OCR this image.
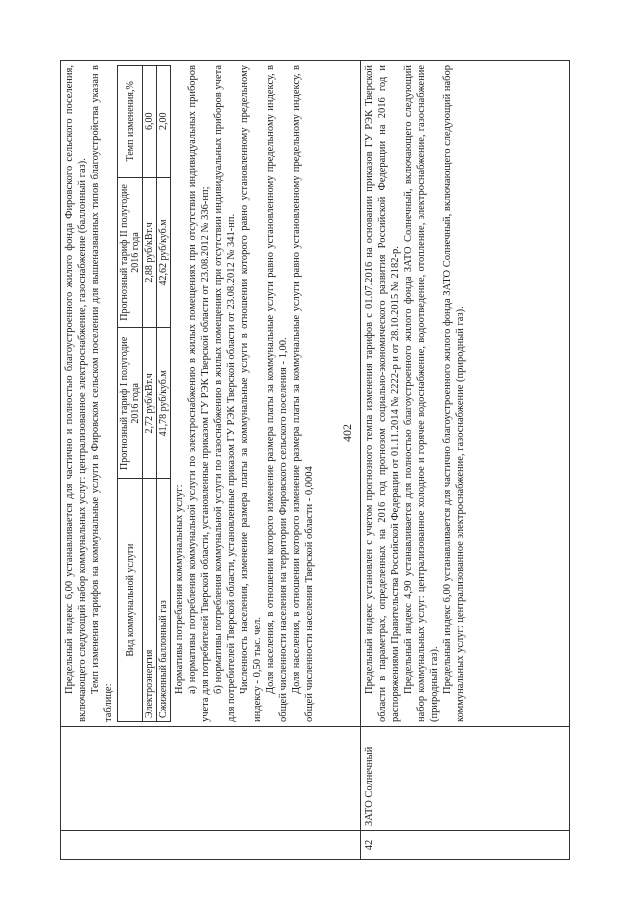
402

Предельный индекс 6,00 устанавливается для частично и полностью благоустроенного жилого фонда Фировского сельского поселения, включающего следующий набор коммунальных услуг: централизованное электроснабжение, газоснабжение (баллонный газ). Темп изменения тарифов на коммунальные услуги в Фировском сельском поселении для вышеназванных типов благоустройства указан в таблице:

Вид коммунальной услуги	Прогнозный тариф I полугодие 2016 года	Прогнозный тариф II полугодие 2016 года	Темп изменения,%
Электроэнергия	2,72 руб/кВт.ч	2,88 руб/кВт.ч	6,00
Сжиженный баллонный газ	41,78 руб/куб.м	42,62 руб/куб.м	2,00

Нормативы потребления коммунальных услуг: а) нормативы потребления коммунальной услуги по электроснабжению в жилых помещениях при отсутствии индивидуальных приборов учета для потребителей Тверской области, установленные приказом ГУ РЭК Тверской области от 23.08.2012 № 336-нп; б) нормативы потребления коммунальной услуги по газоснабжению в жилых помещениях при отсутствии индивидуальных приборов учета для потребителей Тверской области, установленные приказом ГУ РЭК Тверской области от 23.08.2012 № 341-нп. Численность населения, изменение размера платы за коммунальные услуги в отношении которого равно установленному предельному индексу - 0,50 тыс. чел. Доля населения, в отношении которого изменение размера платы за коммунальные услуги равно установленному предельному индексу, в общей численности населения на территории Фировского сельского поселения - 1,00. Доля населения, в отношении которого изменение размера платы за коммунальные услуги равно установленному предельному индексу, в общей численности населения Тверской области - 0,0004

42	ЗАТО Солнечный	

Предельный индекс установлен с учетом прогнозного темпа изменения тарифов с 01.07.2016 на основании приказов ГУ РЭК Тверской области в параметрах, определенных на 2016 год прогнозом социально-экономического развития Российской Федерации на 2016 год и распоряжениями Правительства Российской Федерации от 01.11.2014 № 2222-р и от 28.10.2015 № 2182-р. Предельный индекс 4,90 устанавливается для полностью благоустроенного жилого фонда ЗАТО Солнечный, включающего следующий набор коммунальных услуг: централизованное холодное и горячее водоснабжение, водоотведение, отопление, электроснабжение, газоснабжение (природный газ). Предельный индекс 6,00 устанавливается для частично благоустроенного жилого фонда ЗАТО Солнечный, включающего следующий набор коммунальных услуг: централизованное электроснабжение, газоснабжение (природный газ).
